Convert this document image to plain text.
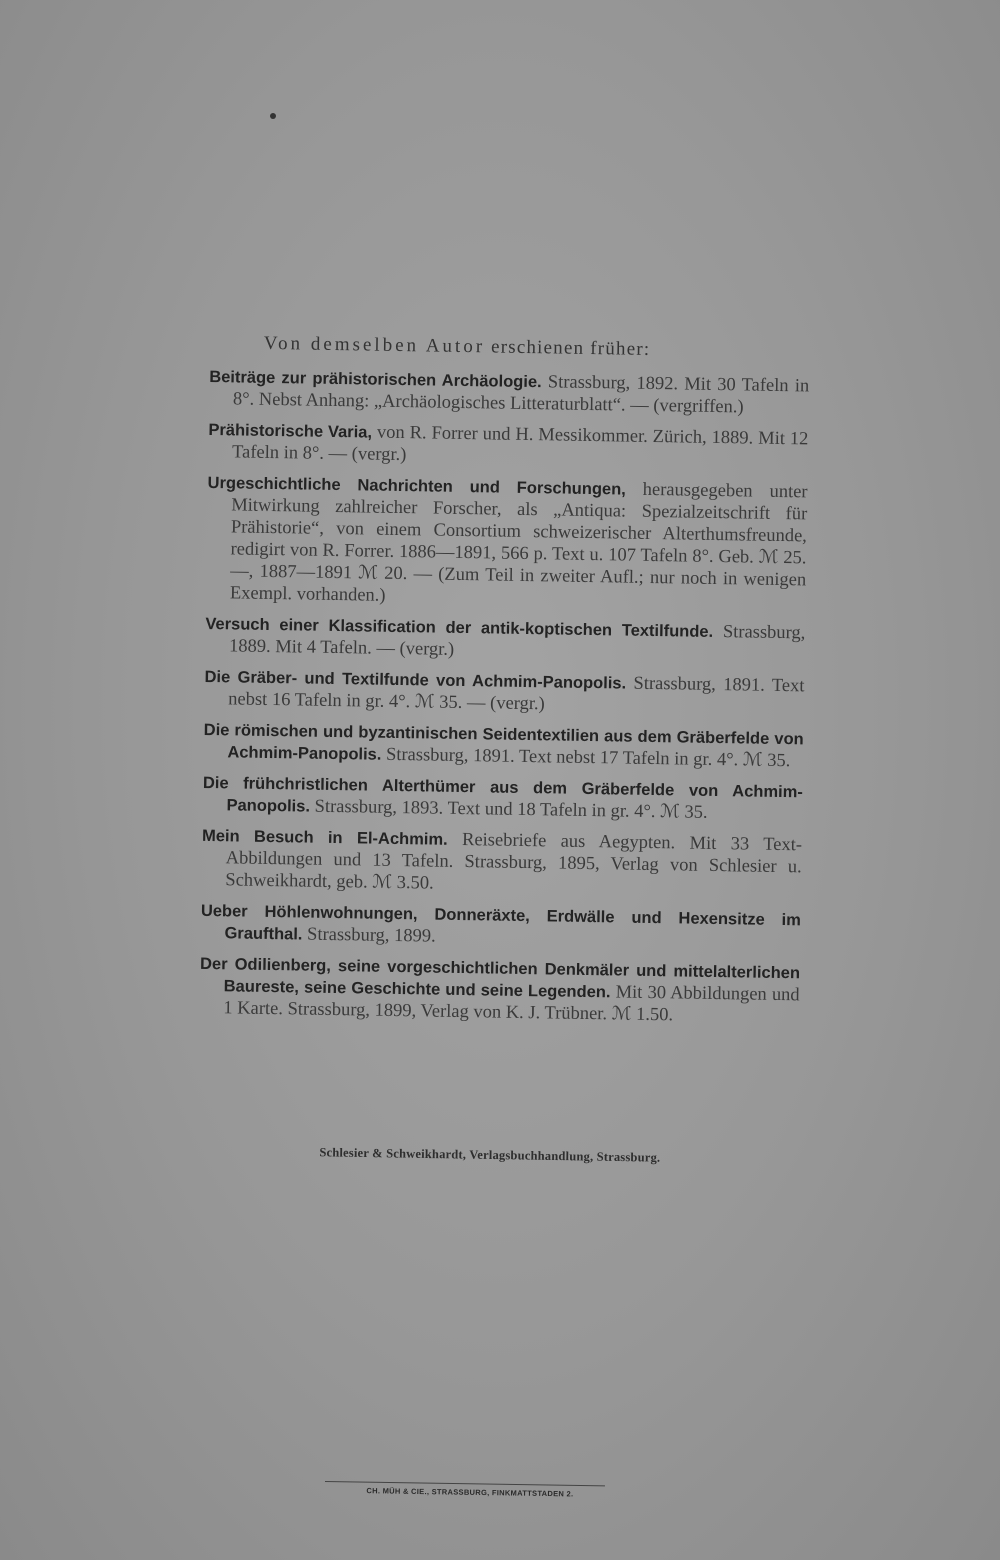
Von demselben Autor erschienen früher:
Beiträge zur prähistorischen Archäologie. Strassburg, 1892. Mit 30 Tafeln in 8°. Nebst Anhang: „Archäologisches Litteraturblatt“. — (vergriffen.)
Prähistorische Varia, von R. Forrer und H. Messikommer. Zürich, 1889. Mit 12 Tafeln in 8°. — (vergr.)
Urgeschichtliche Nachrichten und Forschungen, herausgegeben unter Mitwirkung zahlreicher Forscher, als „Antiqua: Spezialzeitschrift für Prähistorie“, von einem Consortium schweizerischer Alterthumsfreunde, redigirt von R. Forrer. 1886—1891, 566 p. Text u. 107 Tafeln 8°. Geb. ℳ 25.—, 1887—1891 ℳ 20. — (Zum Teil in zweiter Aufl.; nur noch in wenigen Exempl. vorhanden.)
Versuch einer Klassification der antik-koptischen Textilfunde. Strassburg, 1889. Mit 4 Tafeln. — (vergr.)
Die Gräber- und Textilfunde von Achmim-Panopolis. Strassburg, 1891. Text nebst 16 Tafeln in gr. 4°. ℳ 35. — (vergr.)
Die römischen und byzantinischen Seidentextilien aus dem Gräberfelde von Achmim-Panopolis. Strassburg, 1891. Text nebst 17 Tafeln in gr. 4°. ℳ 35.
Die frühchristlichen Alterthümer aus dem Gräberfelde von Achmim-Panopolis. Strassburg, 1893. Text und 18 Tafeln in gr. 4°. ℳ 35.
Mein Besuch in El-Achmim. Reisebriefe aus Aegypten. Mit 33 Text-Abbildungen und 13 Tafeln. Strassburg, 1895, Verlag von Schlesier u. Schweikhardt, geb. ℳ 3.50.
Ueber Höhlenwohnungen, Donneräxte, Erdwälle und Hexensitze im Graufthal. Strassburg, 1899.
Der Odilienberg, seine vorgeschichtlichen Denkmäler und mittelalterlichen Baureste, seine Geschichte und seine Legenden. Mit 30 Abbildungen und 1 Karte. Strassburg, 1899, Verlag von K. J. Trübner. ℳ 1.50.
Schlesier & Schweikhardt, Verlagsbuchhandlung, Strassburg.
CH. MÜH & CIE., STRASSBURG, FINKMATTSTADEN 2.
